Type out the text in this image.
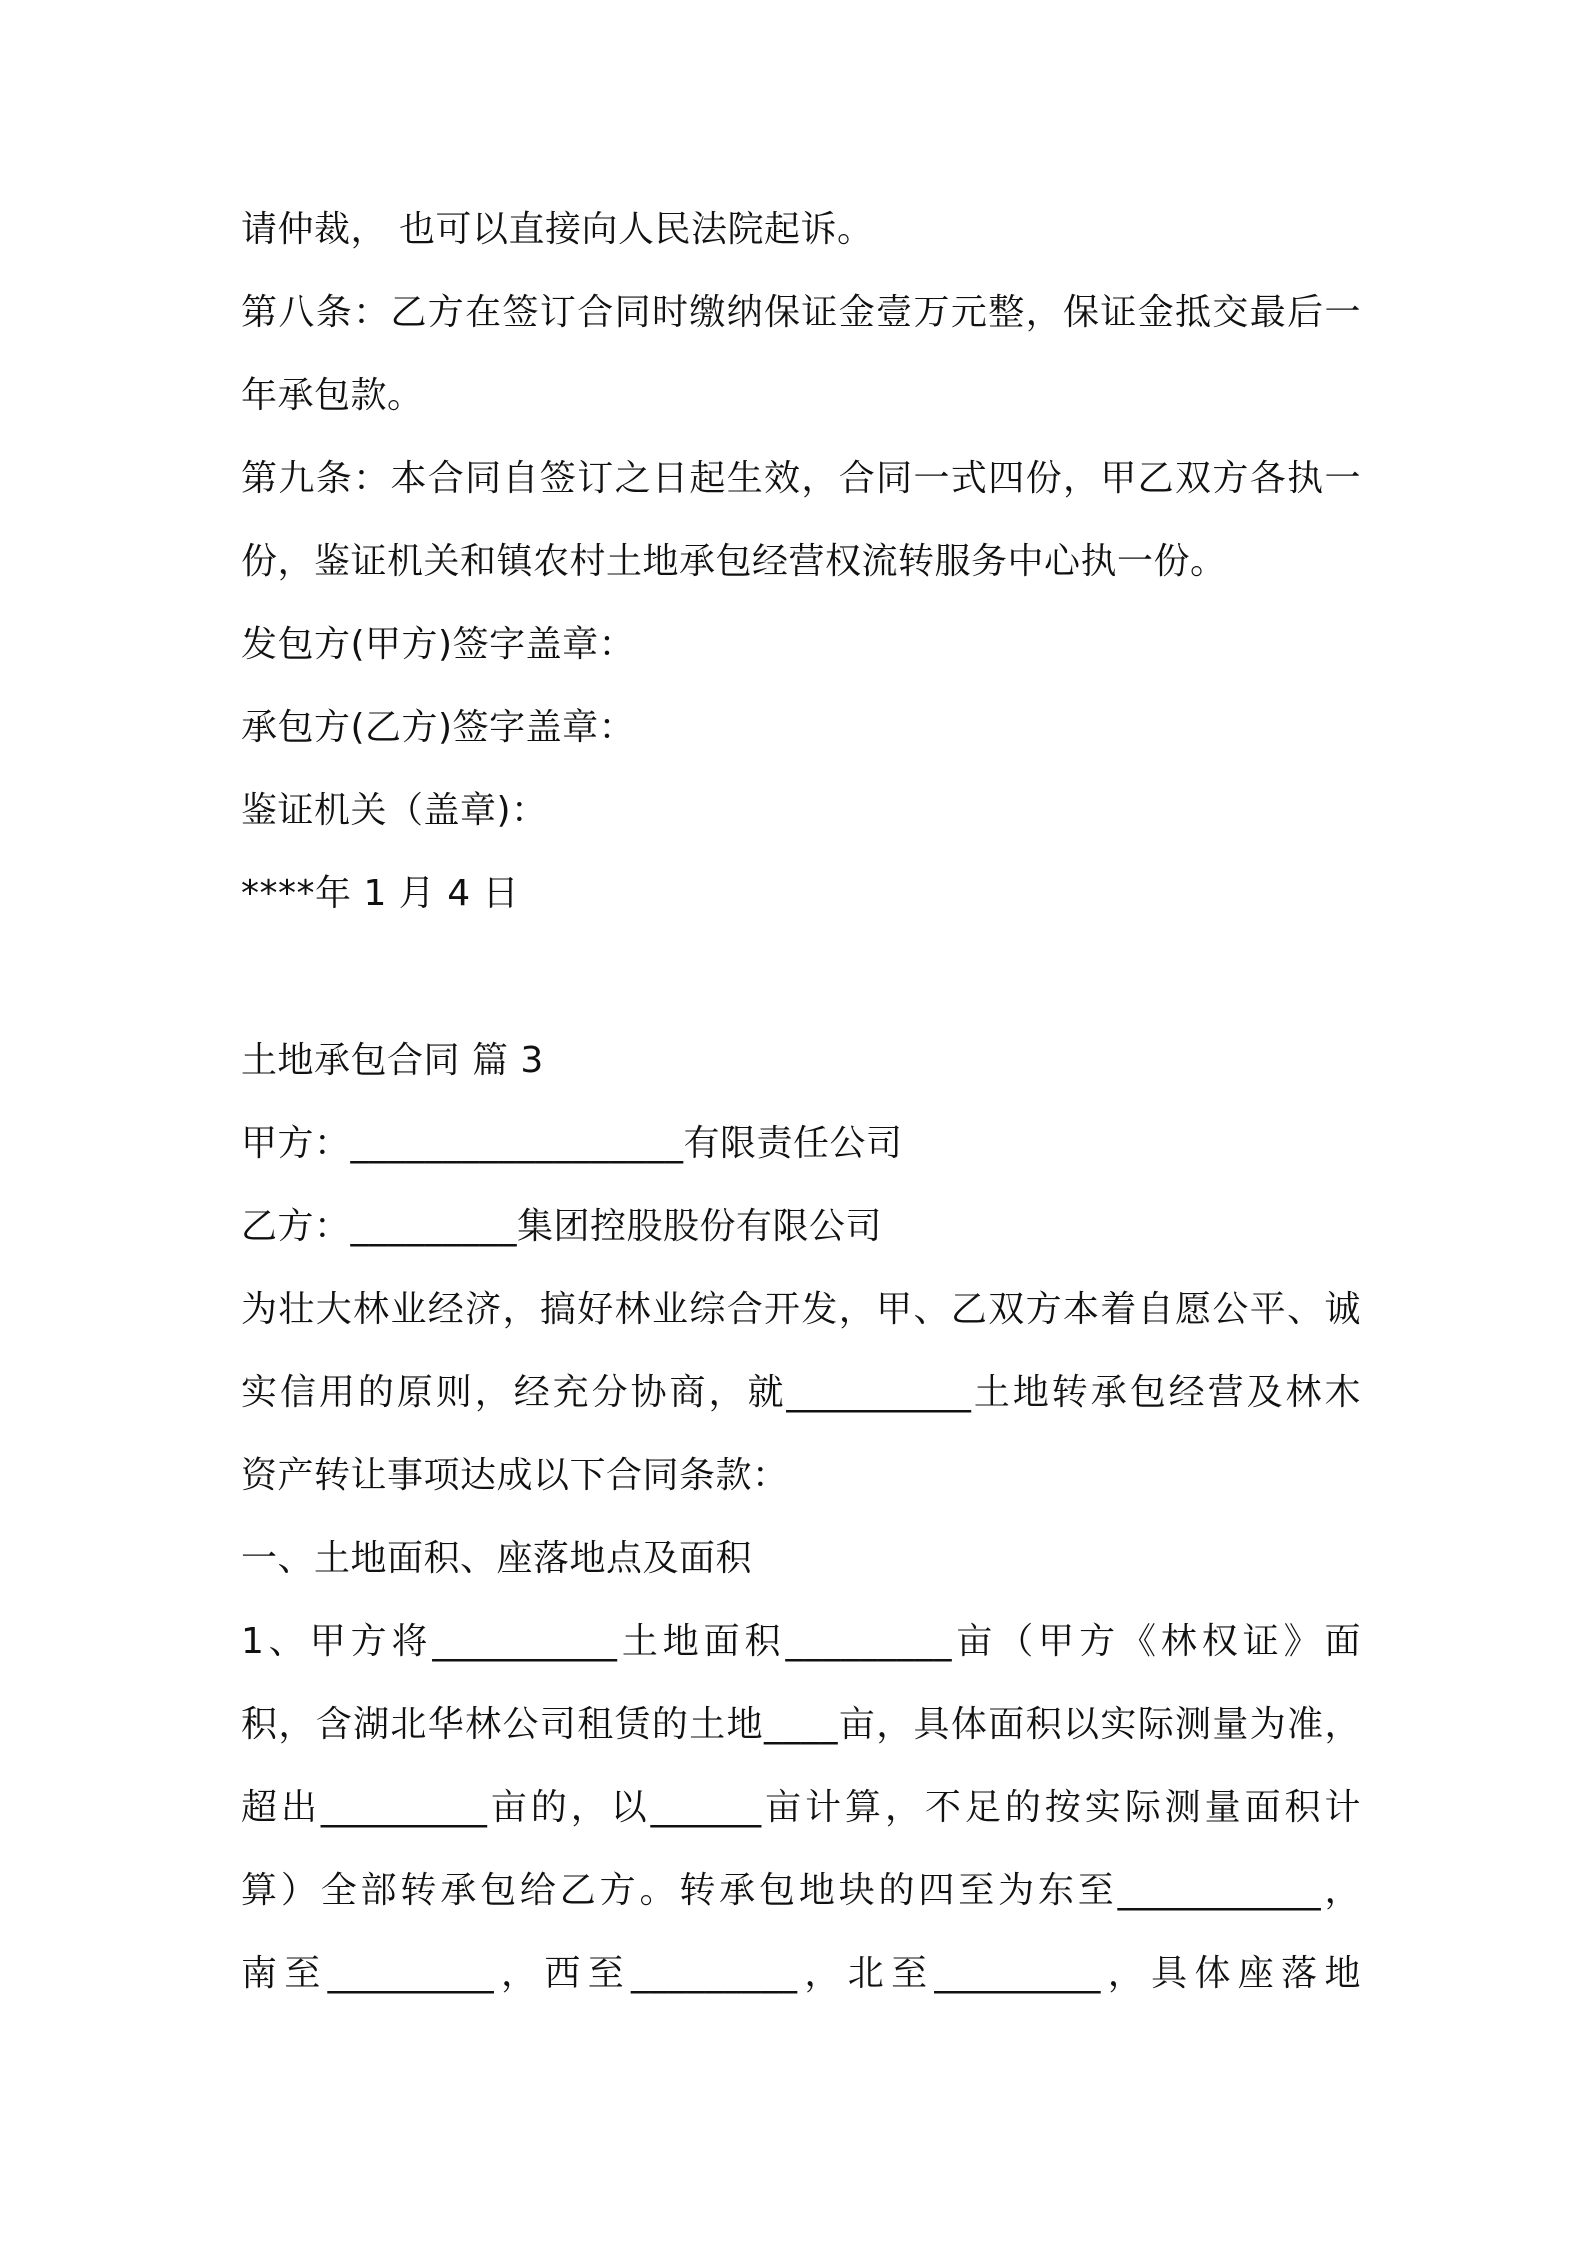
请仲裁， 也可以直接向人民法院起诉。
第八条：乙方在签订合同时缴纳保证金壹万元整，保证金抵交最后一
年承包款。
第九条：本合同自签订之日起生效，合同一式四份，甲乙双方各执一
份，鉴证机关和镇农村土地承包经营权流转服务中心执一份。
发包方(甲方)签字盖章：
承包方(乙方)签字盖章：
鉴证机关（盖章)：
****年 1 月 4 日
土地承包合同 篇 3
甲方：__________________有限责任公司
乙方：_________集团控股股份有限公司
为壮大林业经济，搞好林业综合开发，甲、乙双方本着自愿公平、诚
实信用的原则，经充分协商，就__________土地转承包经营及林木
资产转让事项达成以下合同条款：
一、土地面积、座落地点及面积
1、甲方将__________土地面积_________亩（甲方《林权证》面
积，含湖北华林公司租赁的土地____亩，具体面积以实际测量为准，
超出_________亩的，以______亩计算，不足的按实际测量面积计
算）全部转承包给乙方。转承包地块的四至为东至___________，
南至_________，西至_________，北至_________，具体座落地
